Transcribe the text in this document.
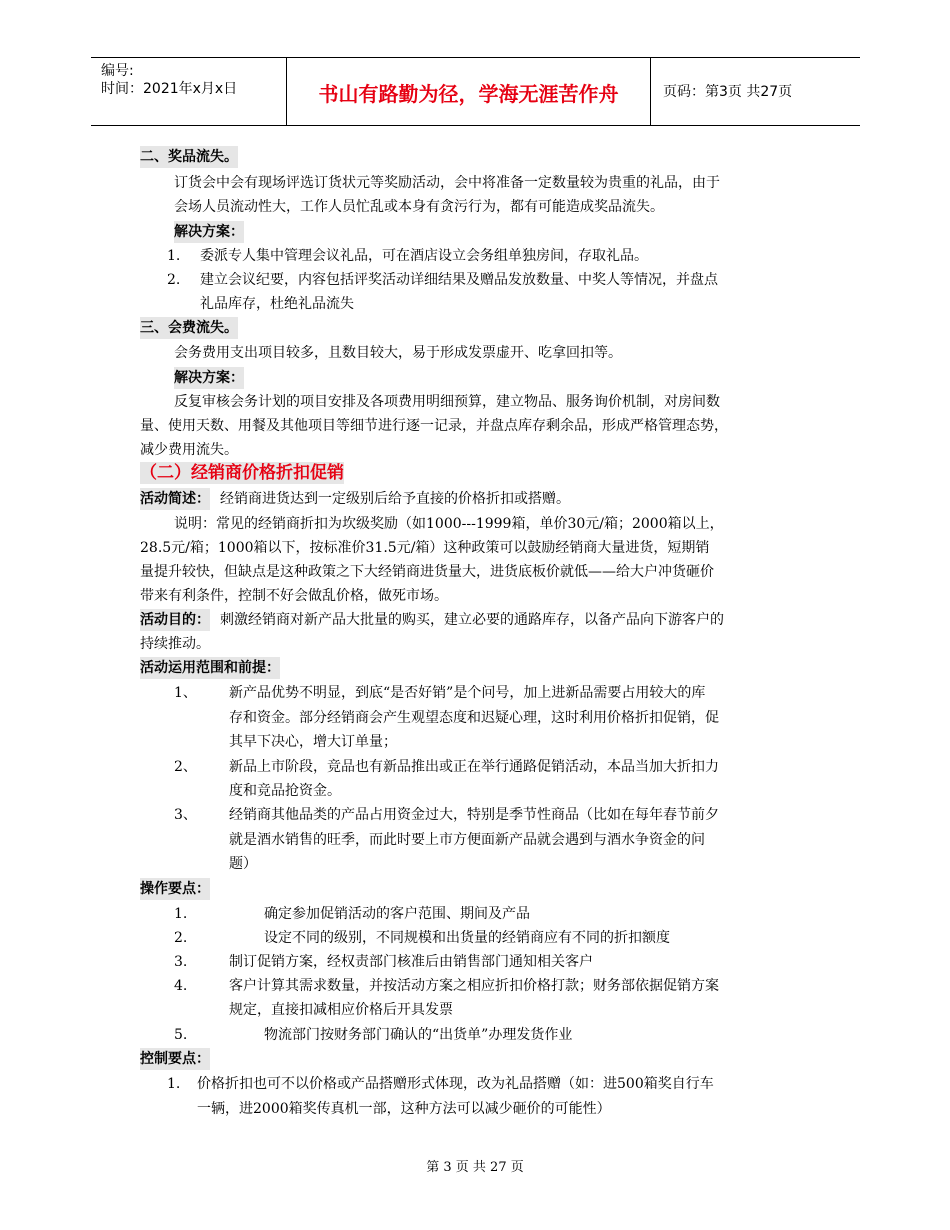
编号:
时间：2021年x月x日	书山有路勤为径，学海无涯苦作舟	页码：第3页 共27页
二、奖品流失。
订货会中会有现场评选订货状元等奖励活动，会中将准备一定数量较为贵重的礼品，由于
会场人员流动性大，工作人员忙乱或本身有贪污行为，都有可能造成奖品流失。
解决方案：
1. 委派专人集中管理会议礼品，可在酒店设立会务组单独房间，存取礼品。
2. 建立会议纪要，内容包括评奖活动详细结果及赠品发放数量、中奖人等情况，并盘点
礼品库存，杜绝礼品流失
三、会费流失。
会务费用支出项目较多，且数目较大，易于形成发票虚开、吃拿回扣等。
解决方案：
反复审核会务计划的项目安排及各项费用明细预算，建立物品、服务询价机制，对房间数
量、使用天数、用餐及其他项目等细节进行逐一记录，并盘点库存剩余品，形成严格管理态势，
减少费用流失。
（二）经销商价格折扣促销
活动简述： 经销商进货达到一定级别后给予直接的价格折扣或搭赠。
说明：常见的经销商折扣为坎级奖励（如1000---1999箱，单价30元/箱；2000箱以上，
28.5元/箱；1000箱以下，按标准价31.5元/箱）这种政策可以鼓励经销商大量进货，短期销
量提升较快，但缺点是这种政策之下大经销商进货量大，进货底板价就低——给大户冲货砸价
带来有利条件，控制不好会做乱价格，做死市场。
活动目的： 刺激经销商对新产品大批量的购买，建立必要的通路库存，以备产品向下游客户的
持续推动。
活动运用范围和前提：
1、 新产品优势不明显，到底“是否好销”是个问号，加上进新品需要占用较大的库
存和资金。部分经销商会产生观望态度和迟疑心理，这时利用价格折扣促销，促
其早下决心，增大订单量；
2、 新品上市阶段，竞品也有新品推出或正在举行通路促销活动，本品当加大折扣力
度和竞品抢资金。
3、 经销商其他品类的产品占用资金过大，特别是季节性商品（比如在每年春节前夕
就是酒水销售的旺季，而此时要上市方便面新产品就会遇到与酒水争资金的问
题）
操作要点：
1.	确定参加促销活动的客户范围、期间及产品
2.	设定不同的级别，不同规模和出货量的经销商应有不同的折扣额度
3.	制订促销方案，经权责部门核准后由销售部门通知相关客户
4.	客户计算其需求数量，并按活动方案之相应折扣价格打款；财务部依据促销方案
规定，直接扣减相应价格后开具发票
5.	物流部门按财务部门确认的“出货单”办理发货作业
控制要点：
1. 价格折扣也可不以价格或产品搭赠形式体现，改为礼品搭赠（如：进500箱奖自行车
一辆，进2000箱奖传真机一部，这种方法可以减少砸价的可能性）
第 3 页 共 27 页
